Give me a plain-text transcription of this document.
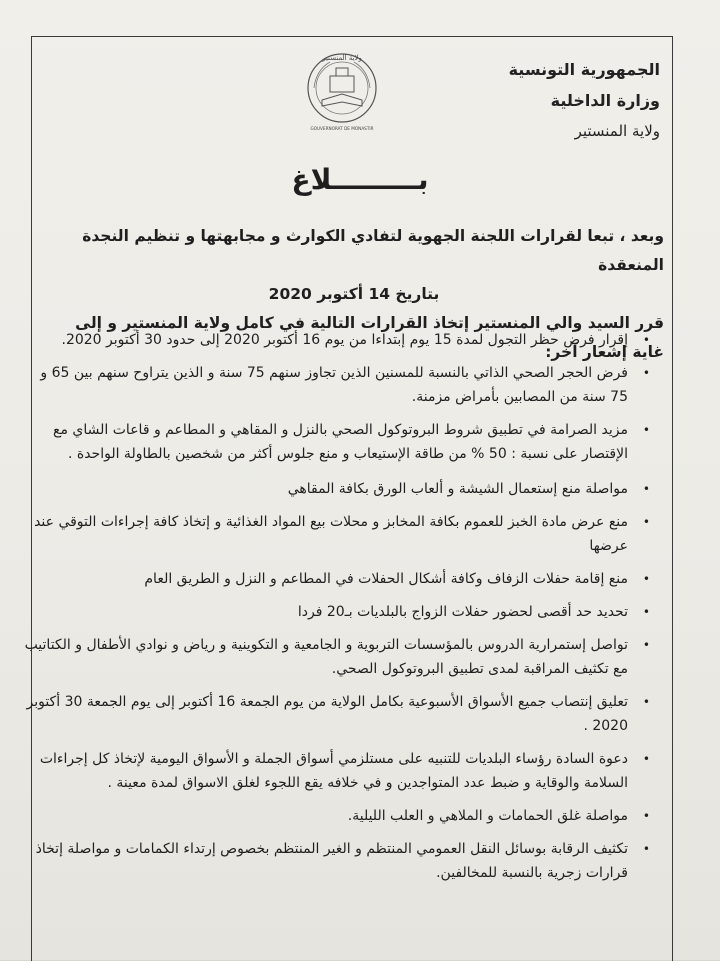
الجمهورية التونسية
وزارة الداخلية
ولاية المنستير
ولاية المنستير
GOUVERNORAT DE MONASTIR
بـــــــــلاغ
وبعد ، تبعا لقرارات اللجنة الجهوية لتفادي الكوارث و مجابهتها و تنظيم النجدة المنعقدة
بتاريخ 14 أكتوبر 2020
قرر السيد والي المنستير إتخاذ القرارات التالية في كامل ولاية المنستير و إلى غاية إشعار آخر:
•
إقرار فرض حظر التجول لمدة 15 يوم إبتداءا من يوم 16 أكتوبر 2020 إلى حدود 30 أكتوبر 2020.
•
فرض الحجر الصحي الذاتي بالنسبة للمسنين الذين تجاوز سنهم 75 سنة و الذين يتراوح سنهم بين 65 و 75 سنة من المصابين بأمراض مزمنة.
•
مزيد الصرامة في تطبيق شروط البروتوكول الصحي بالنزل و المقاهي و المطاعم و قاعات الشاي مع الإقتصار على نسبة : 50 % من طاقة الإستيعاب و منع جلوس أكثر من شخصين بالطاولة الواحدة .
•
مواصلة منع إستعمال الشيشة و ألعاب الورق بكافة المقاهي
•
منع عرض مادة الخبز للعموم بكافة المخابز و محلات بيع المواد الغذائية و إتخاذ كافة إجراءات التوقي عند عرضها
•
منع إقامة حفلات الزفاف وكافة أشكال الحفلات في المطاعم و النزل و الطريق العام
•
تحديد حد أقصى لحضور حفلات الزواج بالبلديات بـ20 فردا
•
تواصل إستمرارية الدروس بالمؤسسات التربوية و الجامعية و التكوينية و رياض و نوادي الأطفال و الكتاتيب مع تكثيف المراقبة لمدى تطبيق البروتوكول الصحي.
•
تعليق إنتصاب جميع الأسواق الأسبوعية بكامل الولاية من يوم الجمعة 16 أكتوبر إلى يوم الجمعة 30 أكتوبر 2020 .
•
دعوة السادة رؤساء البلديات للتنبيه على مستلزمي أسواق الجملة و الأسواق اليومية لإتخاذ كل إجراءات السلامة والوقاية و ضبط عدد المتواجدين و في خلافه يقع اللجوء لغلق الاسواق لمدة معينة .
•
مواصلة غلق الحمامات و الملاهي و العلب الليلية.
•
تكثيف الرقابة بوسائل النقل العمومي المنتظم و الغير المنتظم بخصوص إرتداء الكمامات و مواصلة إتخاذ قرارات زجرية بالنسبة للمخالفين.
